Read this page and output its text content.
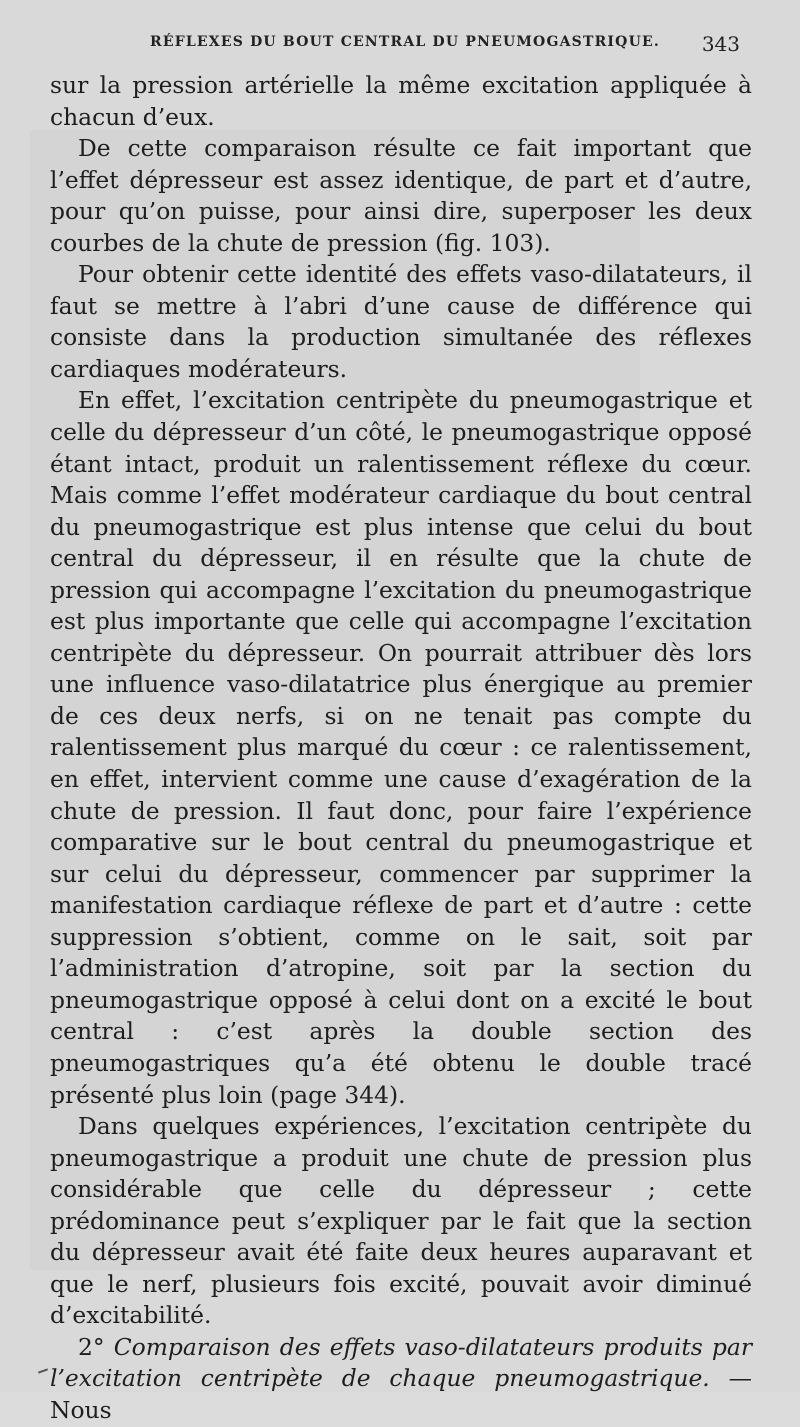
RÉFLEXES DU BOUT CENTRAL DU PNEUMOGASTRIQUE. 343

sur la pression artérielle la même excitation appliquée à chacun d’eux.

De cette comparaison résulte ce fait important que l’effet dépresseur est assez identique, de part et d’autre, pour qu’on puisse, pour ainsi dire, superposer les deux courbes de la chute de pression (fig. 103).

Pour obtenir cette identité des effets vaso-dilatateurs, il faut se mettre à l’abri d’une cause de différence qui consiste dans la production simultanée des réflexes cardiaques modérateurs.

En effet, l’excitation centripète du pneumogastrique et celle du dépresseur d’un côté, le pneumogastrique opposé étant intact, produit un ralentissement réflexe du cœur. Mais comme l’effet modérateur cardiaque du bout central du pneumogastrique est plus intense que celui du bout central du dépresseur, il en résulte que la chute de pression qui accompagne l’excitation du pneumogastrique est plus importante que celle qui accompagne l’excitation centripète du dépresseur. On pourrait attribuer dès lors une influence vaso-dilatatrice plus énergique au premier de ces deux nerfs, si on ne tenait pas compte du ralentissement plus marqué du cœur : ce ralentissement, en effet, intervient comme une cause d’exagération de la chute de pression. Il faut donc, pour faire l’expérience comparative sur le bout central du pneumogastrique et sur celui du dépresseur, commencer par supprimer la manifestation cardiaque réflexe de part et d’autre : cette suppression s’obtient, comme on le sait, soit par l’administration d’atropine, soit par la section du pneumogastrique opposé à celui dont on a excité le bout central : c’est après la double section des pneumogastriques qu’a été obtenu le double tracé présenté plus loin (page 344).

Dans quelques expériences, l’excitation centripète du pneumogastrique a produit une chute de pression plus considérable que celle du dépresseur ; cette prédominance peut s’expliquer par le fait que la section du dépresseur avait été faite deux heures auparavant et que le nerf, plusieurs fois excité, pouvait avoir diminué d’excitabilité.

2° Comparaison des effets vaso-dilatateurs produits par l’excitation centripète de chaque pneumogastrique. — Nous
